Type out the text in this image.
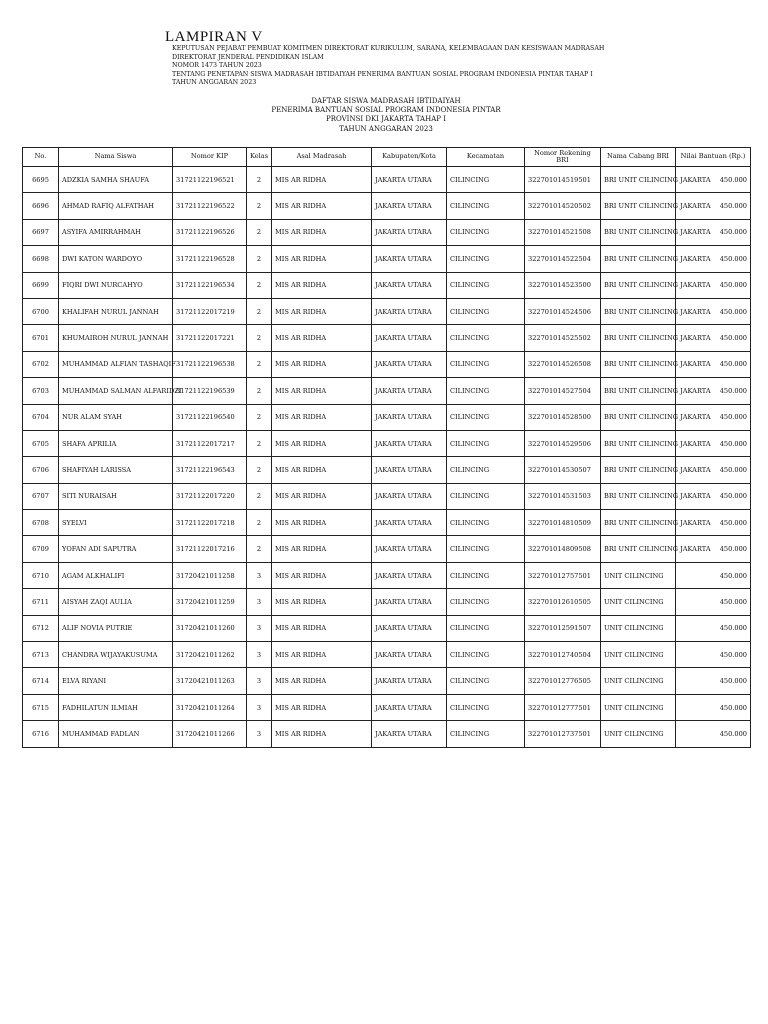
LAMPIRAN V
KEPUTUSAN PEJABAT PEMBUAT KOMITMEN DIREKTORAT KURIKULUM, SARANA, KELEMBAGAAN DAN KESISWAAN MADRASAH
DIREKTORAT JENDERAL PENDIDIKAN ISLAM
NOMOR 1473 TAHUN 2023
TENTANG PENETAPAN SISWA MADRASAH IBTIDAIYAH PENERIMA BANTUAN SOSIAL PROGRAM INDONESIA PINTAR TAHAP I
TAHUN ANGGARAN 2023
DAFTAR SISWA MADRASAH IBTIDAIYAH
PENERIMA BANTUAN SOSIAL PROGRAM INDONESIA PINTAR
PROVINSI DKI JAKARTA TAHAP I
TAHUN ANGGARAN 2023
No.	Nama Siswa	Nomor KIP	Kelas	Asal Madrasah	Kabupaten/Kota	Kecamatan	Nomor Rekening BRI	Nama Cabang BRI	Nilai Bantuan (Rp.)
6695	ADZKIA SAMHA SHAUFA	31721122196521	2	MIS AR RIDHA	JAKARTA UTARA	CILINCING	322701014519501	BRI UNIT CILINCING JAKARTA	450.000
6696	AHMAD RAFIQ ALFATHAH	31721122196522	2	MIS AR RIDHA	JAKARTA UTARA	CILINCING	322701014520502	BRI UNIT CILINCING JAKARTA	450.000
6697	ASYIFA AMIRRAHMAH	31721122196526	2	MIS AR RIDHA	JAKARTA UTARA	CILINCING	322701014521508	BRI UNIT CILINCING JAKARTA	450.000
6698	DWI KATON WARDOYO	31721122196528	2	MIS AR RIDHA	JAKARTA UTARA	CILINCING	322701014522504	BRI UNIT CILINCING JAKARTA	450.000
6699	FIQRI DWI NURCAHYO	31721122196534	2	MIS AR RIDHA	JAKARTA UTARA	CILINCING	322701014523500	BRI UNIT CILINCING JAKARTA	450.000
6700	KHALIFAH NURUL JANNAH	31721122017219	2	MIS AR RIDHA	JAKARTA UTARA	CILINCING	322701014524506	BRI UNIT CILINCING JAKARTA	450.000
6701	KHUMAIROH NURUL JANNAH	31721122017221	2	MIS AR RIDHA	JAKARTA UTARA	CILINCING	322701014525502	BRI UNIT CILINCING JAKARTA	450.000
6702	MUHAMMAD ALFIAN TASHAQIF	31721122196538	2	MIS AR RIDHA	JAKARTA UTARA	CILINCING	322701014526508	BRI UNIT CILINCING JAKARTA	450.000
6703	MUHAMMAD SALMAN ALFARIDZI	31721122196539	2	MIS AR RIDHA	JAKARTA UTARA	CILINCING	322701014527504	BRI UNIT CILINCING JAKARTA	450.000
6704	NUR ALAM SYAH	31721122196540	2	MIS AR RIDHA	JAKARTA UTARA	CILINCING	322701014528500	BRI UNIT CILINCING JAKARTA	450.000
6705	SHAFA APRILIA	31721122017217	2	MIS AR RIDHA	JAKARTA UTARA	CILINCING	322701014529506	BRI UNIT CILINCING JAKARTA	450.000
6706	SHAFIYAH LARISSA	31721122196543	2	MIS AR RIDHA	JAKARTA UTARA	CILINCING	322701014530507	BRI UNIT CILINCING JAKARTA	450.000
6707	SITI NURAISAH	31721122017220	2	MIS AR RIDHA	JAKARTA UTARA	CILINCING	322701014531503	BRI UNIT CILINCING JAKARTA	450.000
6708	SYELVI	31721122017218	2	MIS AR RIDHA	JAKARTA UTARA	CILINCING	322701014810509	BRI UNIT CILINCING JAKARTA	450.000
6709	YOFAN ADI SAPUTRA	31721122017216	2	MIS AR RIDHA	JAKARTA UTARA	CILINCING	322701014809508	BRI UNIT CILINCING JAKARTA	450.000
6710	AGAM ALKHALIFI	31720421011258	3	MIS AR RIDHA	JAKARTA UTARA	CILINCING	322701012757501	UNIT CILINCING	450.000
6711	AISYAH ZAQI AULIA	31720421011259	3	MIS AR RIDHA	JAKARTA UTARA	CILINCING	322701012610505	UNIT CILINCING	450.000
6712	ALIF NOVIA PUTRIE	31720421011260	3	MIS AR RIDHA	JAKARTA UTARA	CILINCING	322701012591507	UNIT CILINCING	450.000
6713	CHANDRA WIJAYAKUSUMA	31720421011262	3	MIS AR RIDHA	JAKARTA UTARA	CILINCING	322701012740504	UNIT CILINCING	450.000
6714	ELVA RIYANI	31720421011263	3	MIS AR RIDHA	JAKARTA UTARA	CILINCING	322701012776505	UNIT CILINCING	450.000
6715	FADHILATUN ILMIAH	31720421011264	3	MIS AR RIDHA	JAKARTA UTARA	CILINCING	322701012777501	UNIT CILINCING	450.000
6716	MUHAMMAD FADLAN	31720421011266	3	MIS AR RIDHA	JAKARTA UTARA	CILINCING	322701012737501	UNIT CILINCING	450.000
